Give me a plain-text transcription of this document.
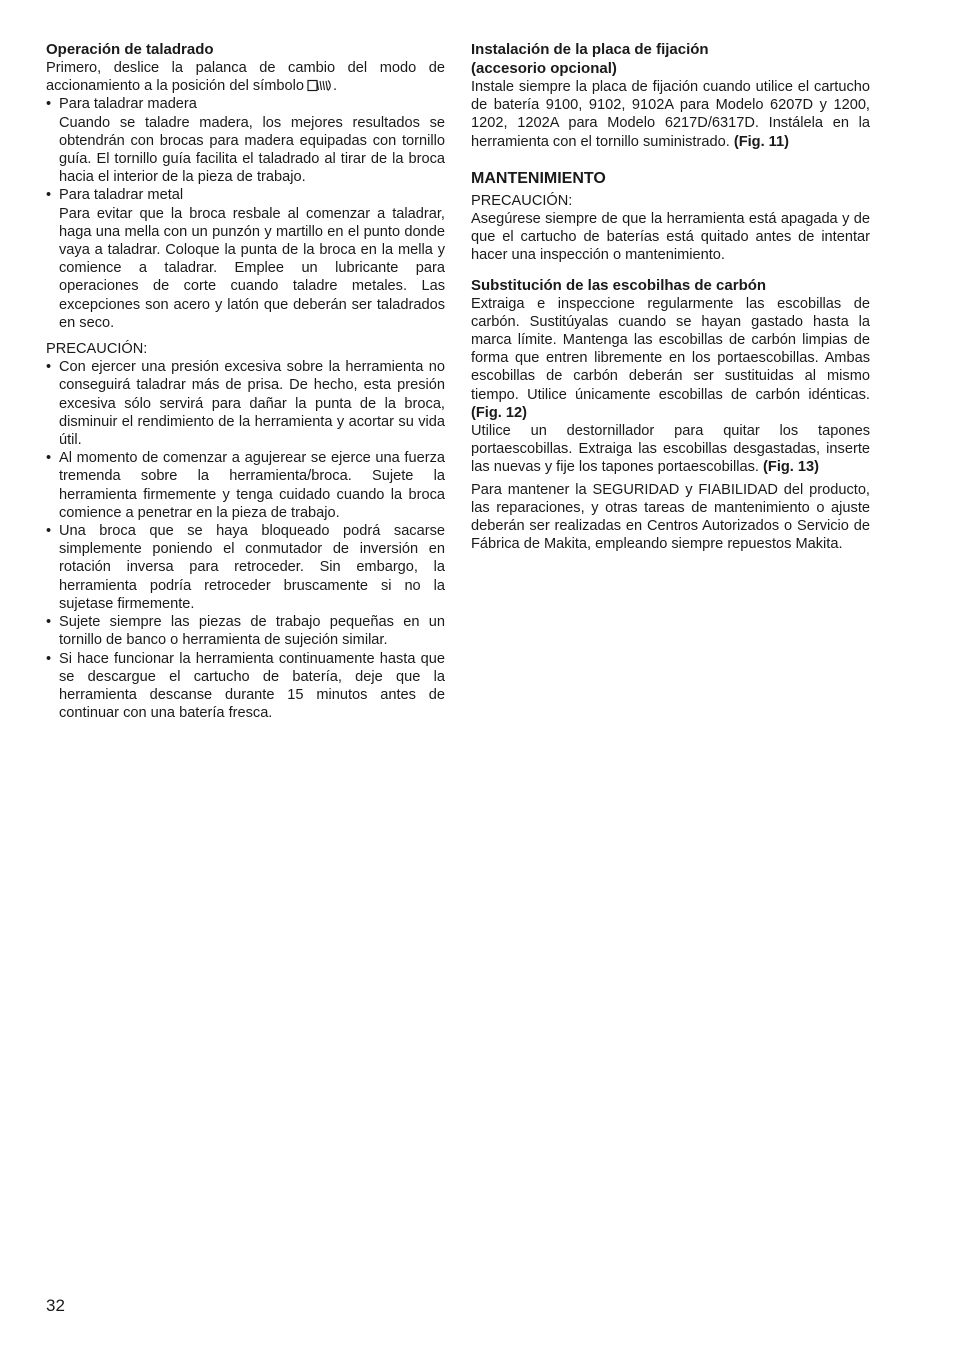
Operación de taladrado

Primero, deslice la palanca de cambio del modo de accionamiento a la posición del símbolo .

• Para taladrar madera
Cuando se taladre madera, los mejores resultados se obtendrán con brocas para madera equipadas con tornillo guía. El tornillo guía facilita el taladrado al tirar de la broca hacia el interior de la pieza de trabajo.
• Para taladrar metal
Para evitar que la broca resbale al comenzar a taladrar, haga una mella con un punzón y martillo en el punto donde vaya a taladrar. Coloque la punta de la broca en la mella y comience a taladrar. Emplee un lubricante para operaciones de corte cuando taladre metales. Las excepciones son acero y latón que deberán ser taladrados en seco.

PRECAUCIÓN:

• Con ejercer una presión excesiva sobre la herramienta no conseguirá taladrar más de prisa. De hecho, esta presión excesiva sólo servirá para dañar la punta de la broca, disminuir el rendimiento de la herramienta y acortar su vida útil.
• Al momento de comenzar a agujerear se ejerce una fuerza tremenda sobre la herramienta/broca. Sujete la herramienta firmemente y tenga cuidado cuando la broca comience a penetrar en la pieza de trabajo.
• Una broca que se haya bloqueado podrá sacarse simplemente poniendo el conmutador de inversión en rotación inversa para retroceder. Sin embargo, la herramienta podría retroceder bruscamente si no la sujetase firmemente.
• Sujete siempre las piezas de trabajo pequeñas en un tornillo de banco o herramienta de sujeción similar.
• Si hace funcionar la herramienta continuamente hasta que se descargue el cartucho de batería, deje que la herramienta descanse durante 15 minutos antes de continuar con una batería fresca.
Instalación de la placa de fijación
(accesorio opcional)

Instale siempre la placa de fijación cuando utilice el cartucho de batería 9100, 9102, 9102A para Modelo 6207D y 1200, 1202, 1202A para Modelo 6217D/6317D. Instálela en la herramienta con el tornillo suministrado. (Fig. 11)

MANTENIMIENTO

PRECAUCIÓN:

Asegúrese siempre de que la herramienta está apagada y de que el cartucho de baterías está quitado antes de intentar hacer una inspección o mantenimiento.

Substitución de las escobilhas de carbón

Extraiga e inspeccione regularmente las escobillas de carbón. Sustitúyalas cuando se hayan gastado hasta la marca límite. Mantenga las escobillas de carbón limpias de forma que entren libremente en los portaescobillas. Ambas escobillas de carbón deberán ser sustituidas al mismo tiempo. Utilice únicamente escobillas de carbón idénticas. (Fig. 12)

Utilice un destornillador para quitar los tapones portaescobillas. Extraiga las escobillas desgastadas, inserte las nuevas y fije los tapones portaescobillas. (Fig. 13)

Para mantener la SEGURIDAD y FIABILIDAD del producto, las reparaciones, y otras tareas de mantenimiento o ajuste deberán ser realizadas en Centros Autorizados o Servicio de Fábrica de Makita, empleando siempre repuestos Makita.

32
